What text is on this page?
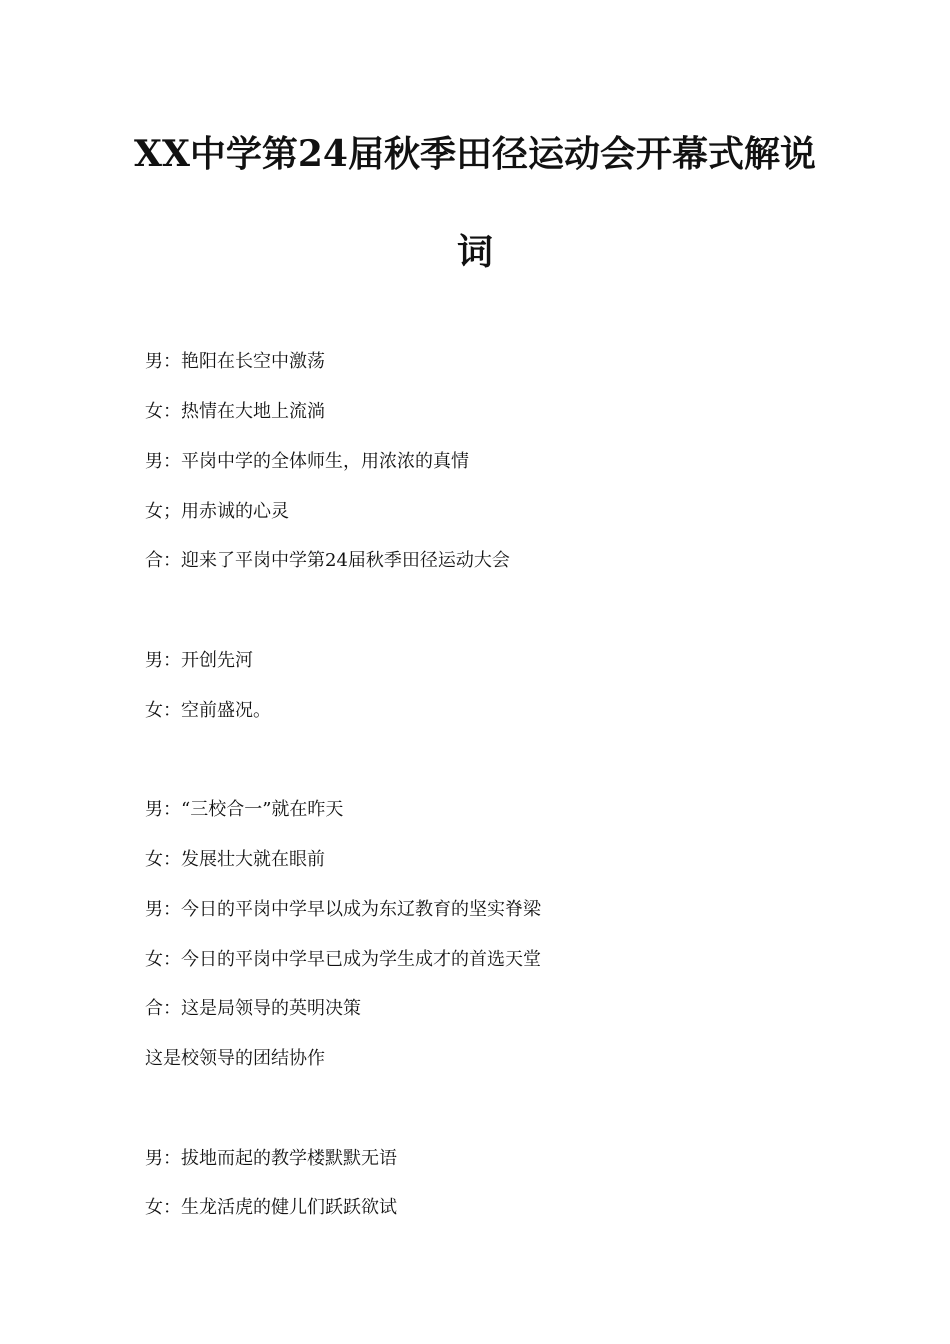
XX中学第24届秋季田径运动会开幕式解说
词
男：艳阳在长空中激荡
女：热情在大地上流淌
男：平岗中学的全体师生，用浓浓的真情
女；用赤诚的心灵
合：迎来了平岗中学第24届秋季田径运动大会
男：开创先河
女：空前盛况。
男：“三校合一”就在昨天
女：发展壮大就在眼前
男：今日的平岗中学早以成为东辽教育的坚实脊梁
女：今日的平岗中学早已成为学生成才的首选天堂
合：这是局领导的英明决策
这是校领导的团结协作
男：拔地而起的教学楼默默无语
女：生龙活虎的健儿们跃跃欲试
